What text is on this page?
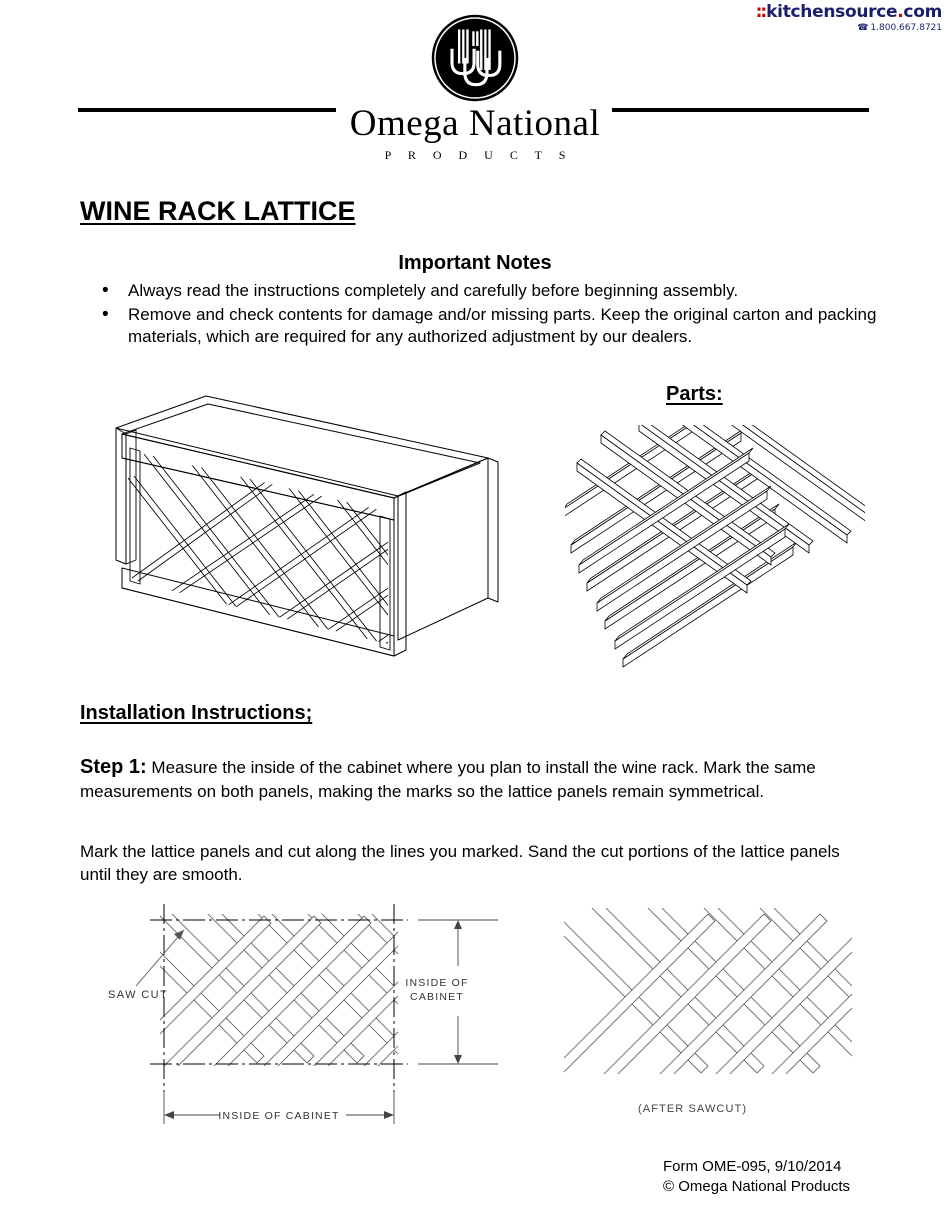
::kitchensource.com
☎ 1.800.667.8721
Omega National
P R O D U C T S
WINE RACK LATTICE
Important Notes
• Always read the instructions completely and carefully before beginning assembly.
• Remove and check contents for damage and/or missing parts. Keep the original carton and packing materials, which are required for any authorized adjustment by our dealers.
Parts:
Installation Instructions;
Step 1: Measure the inside of the cabinet where you plan to install the wine rack. Mark the same measurements on both panels, making the marks so the lattice panels remain symmetrical.
Mark the lattice panels and cut along the lines you marked. Sand the cut portions of the lattice panels until they are smooth.
SAW CUT
INSIDE OF
CABINET
INSIDE OF CABINET
(AFTER SAWCUT)
Form OME-095, 9/10/2014
© Omega National Products
